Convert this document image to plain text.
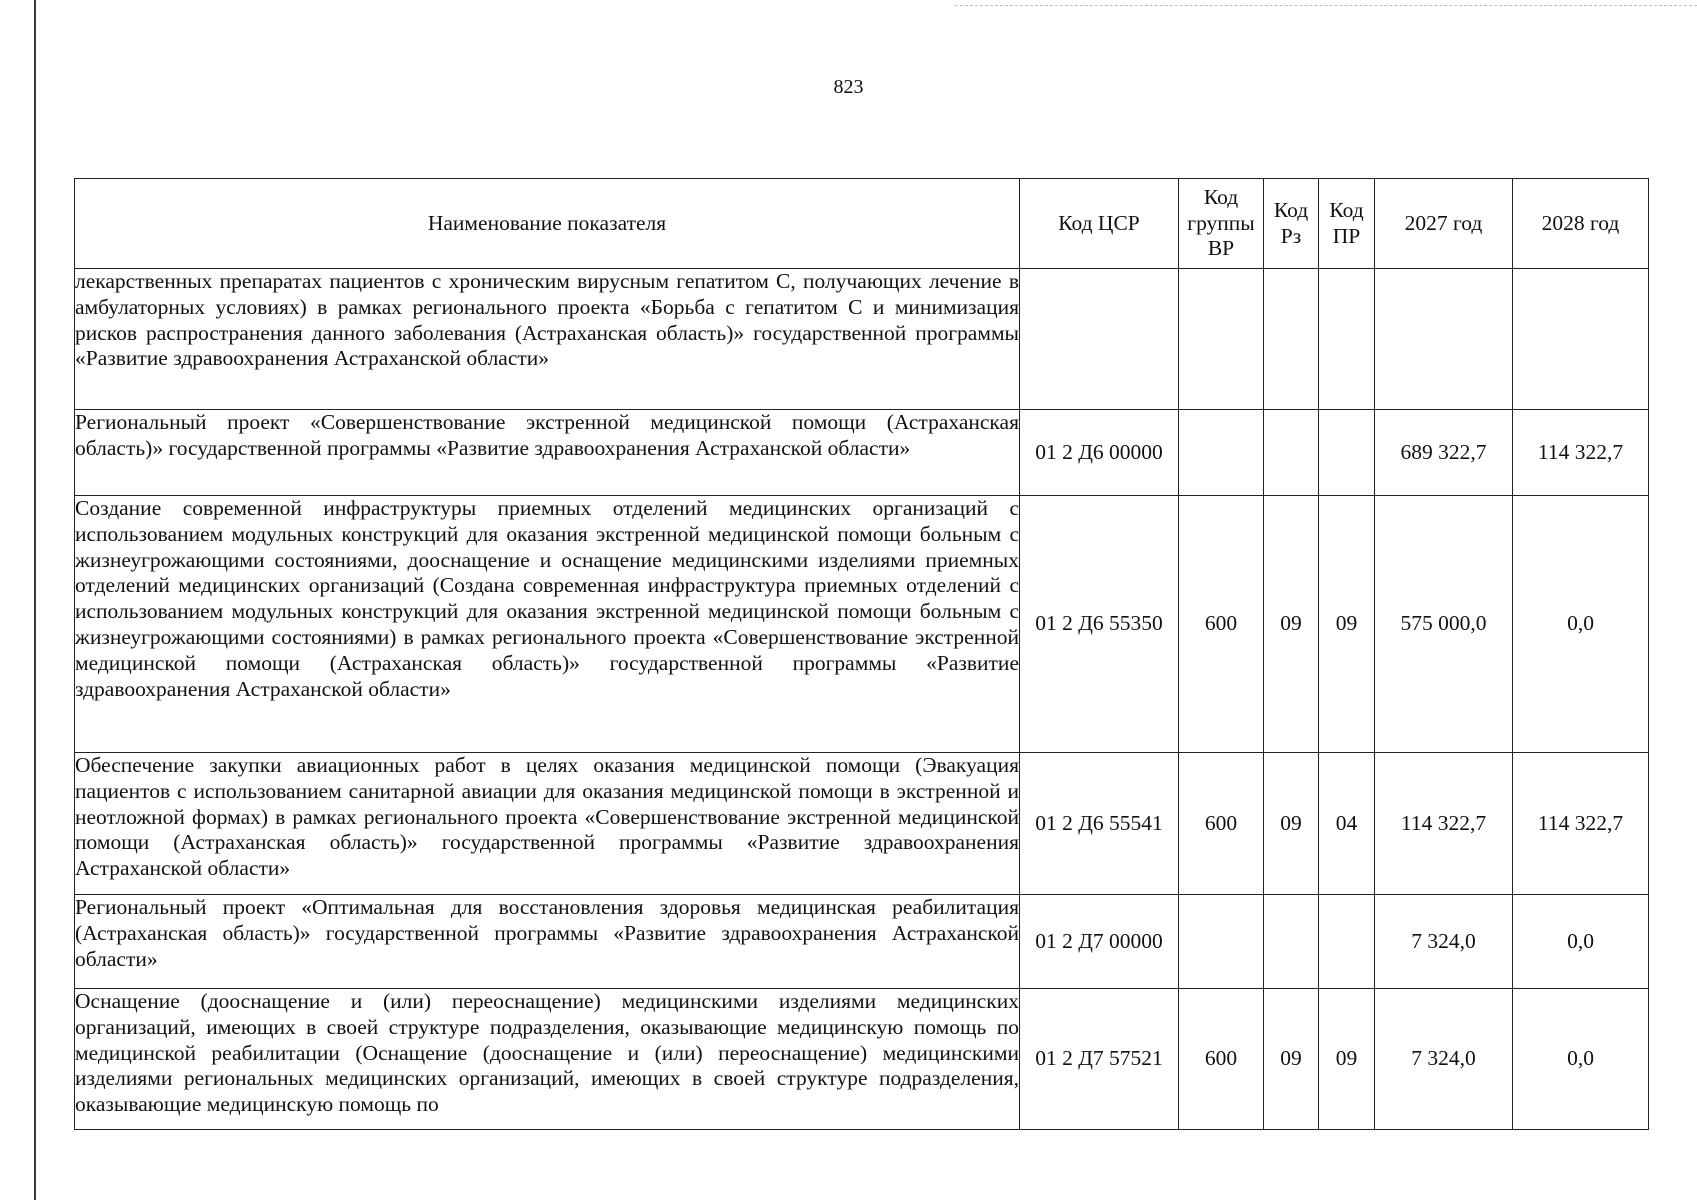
823
Наименование показателя	Код ЦСР	Код группы ВР	Код Рз	Код ПР	2027 год	2028 год
лекарственных препаратах пациентов с хроническим вирусным гепатитом С, получающих лечение в амбулаторных условиях) в рамках регионального проекта «Борьба с гепатитом С и минимизация рисков распространения данного заболевания (Астраханская область)» государственной программы «Развитие здравоохранения Астраханской области»						
Региональный проект «Совершенствование экстренной медицинской помощи (Астраханская область)» государственной программы «Развитие здравоохранения Астраханской области»	01 2 Д6 00000				689 322,7	114 322,7
Создание современной инфраструктуры приемных отделений медицинских организаций с использованием модульных конструкций для оказания экстренной медицинской помощи больным с жизнеугрожающими состояниями, дооснащение и оснащение медицинскими изделиями приемных отделений медицинских организаций (Создана современная инфраструктура приемных отделений с использованием модульных конструкций для оказания экстренной медицинской помощи больным с жизнеугрожающими состояниями) в рамках регионального проекта «Совершенствование экстренной медицинской помощи (Астраханская область)» государственной программы «Развитие здравоохранения Астраханской области»	01 2 Д6 55350	600	09	09	575 000,0	0,0
Обеспечение закупки авиационных работ в целях оказания медицинской помощи (Эвакуация пациентов с использованием санитарной авиации для оказания медицинской помощи в экстренной и неотложной формах) в рамках регионального проекта «Совершенствование экстренной медицинской помощи (Астраханская область)» государственной программы «Развитие здравоохранения Астраханской области»	01 2 Д6 55541	600	09	04	114 322,7	114 322,7
Региональный проект «Оптимальная для восстановления здоровья медицинская реабилитация (Астраханская область)» государственной программы «Развитие здравоохранения Астраханской области»	01 2 Д7 00000				7 324,0	0,0
Оснащение (дооснащение и (или) переоснащение) медицинскими изделиями медицинских организаций, имеющих в своей структуре подразделения, оказывающие медицинскую помощь по медицинской реабилитации (Оснащение (дооснащение и (или) переоснащение) медицинскими изделиями региональных медицинских организаций, имеющих в своей структуре подразделения, оказывающие медицинскую помощь по	01 2 Д7 57521	600	09	09	7 324,0	0,0
